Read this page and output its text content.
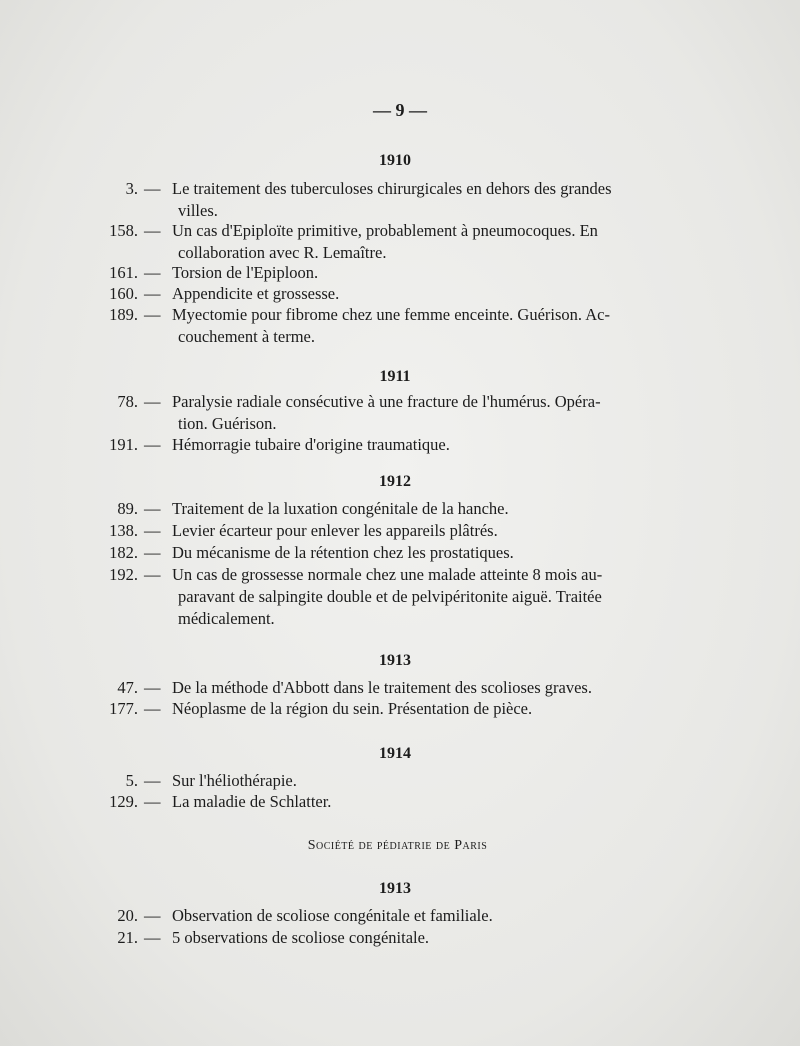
— 9 —
1910
3. — Le traitement des tuberculoses chirurgicales en dehors des grandes
villes.
158. — Un cas d'Epiploïte primitive, probablement à pneumocoques. En
collaboration avec R. Lemaître.
161. — Torsion de l'Epiploon.
160. — Appendicite et grossesse.
189. — Myectomie pour fibrome chez une femme enceinte. Guérison. Ac-
couchement à terme.
1911
78. — Paralysie radiale consécutive à une fracture de l'humérus. Opéra-
tion. Guérison.
191. — Hémorragie tubaire d'origine traumatique.
1912
89. — Traitement de la luxation congénitale de la hanche.
138. — Levier écarteur pour enlever les appareils plâtrés.
182. — Du mécanisme de la rétention chez les prostatiques.
192. — Un cas de grossesse normale chez une malade atteinte 8 mois au-
paravant de salpingite double et de pelvipéritonite aiguë. Traitée
médicalement.
1913
47. — De la méthode d'Abbott dans le traitement des scolioses graves.
177. — Néoplasme de la région du sein. Présentation de pièce.
1914
5. — Sur l'héliothérapie.
129. — La maladie de Schlatter.
Société de pédiatrie de Paris
1913
20. — Observation de scoliose congénitale et familiale.
21. — 5 observations de scoliose congénitale.
